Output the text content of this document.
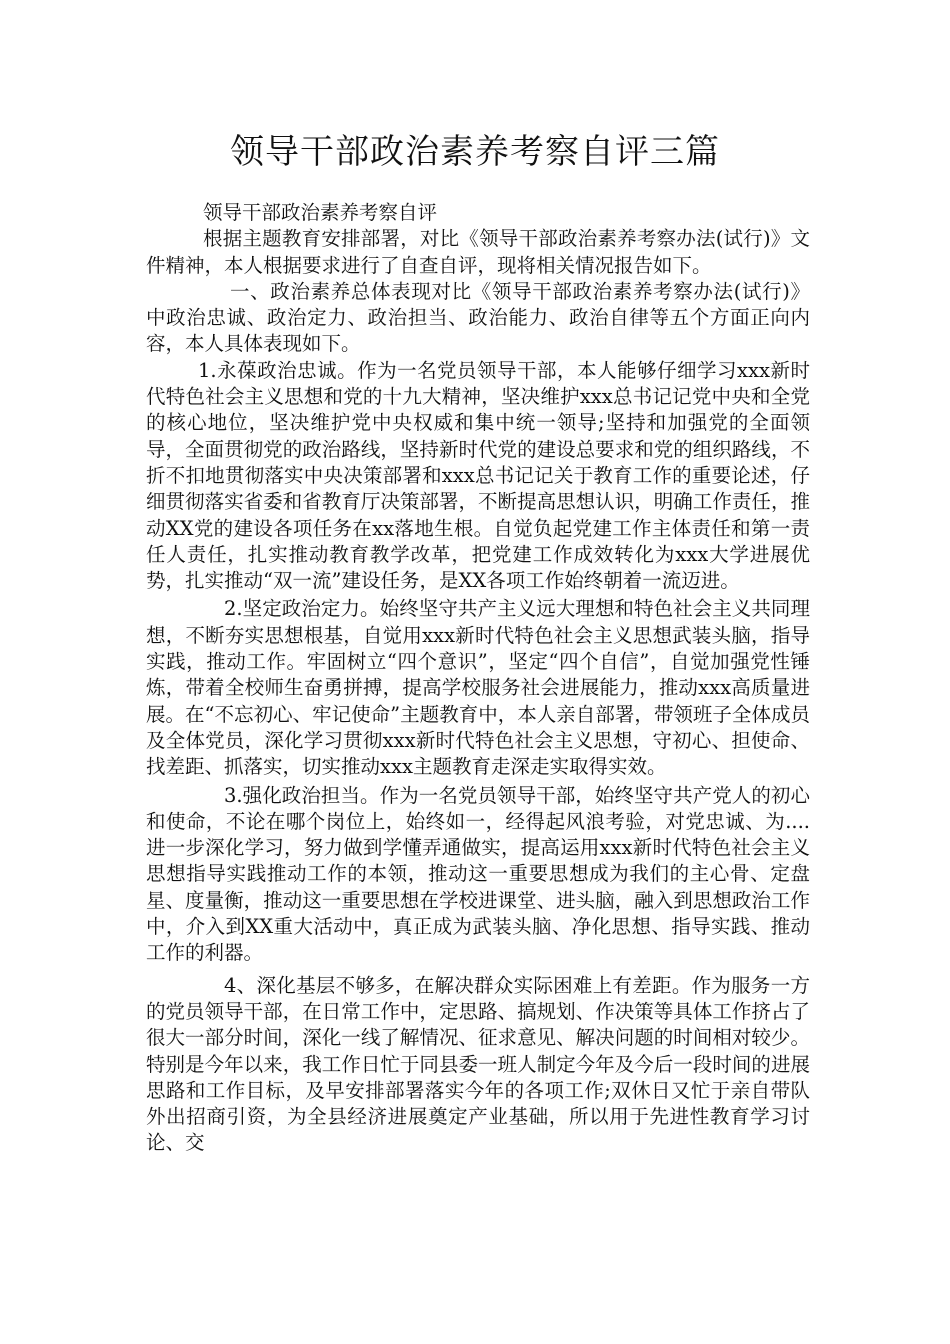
领导干部政治素养考察自评三篇

领导干部政治素养考察自评

根据主题教育安排部署，对比《领导干部政治素养考察办法(试行)》文件精神，本人根据要求进行了自查自评，现将相关情况报告如下。

一、政治素养总体表现对比《领导干部政治素养考察办法(试行)》中政治忠诚、政治定力、政治担当、政治能力、政治自律等五个方面正向内容，本人具体表现如下。

1.永葆政治忠诚。作为一名党员领导干部，本人能够仔细学习xxx新时代特色社会主义思想和党的十九大精神，坚决维护xxx总书记记党中央和全党的核心地位，坚决维护党中央权威和集中统一领导;坚持和加强党的全面领导，全面贯彻党的政治路线，坚持新时代党的建设总要求和党的组织路线，不折不扣地贯彻落实中央决策部署和xxx总书记记关于教育工作的重要论述，仔细贯彻落实省委和省教育厅决策部署，不断提高思想认识，明确工作责任，推动XX党的建设各项任务在xx落地生根。自觉负起党建工作主体责任和第一责任人责任，扎实推动教育教学改革，把党建工作成效转化为xxx大学进展优势，扎实推动“双一流”建设任务，是XX各项工作始终朝着一流迈进。

2.坚定政治定力。始终坚守共产主义远大理想和特色社会主义共同理想，不断夯实思想根基，自觉用xxx新时代特色社会主义思想武装头脑，指导实践，推动工作。牢固树立“四个意识”，坚定“四个自信”，自觉加强党性锤炼，带着全校师生奋勇拼搏，提高学校服务社会进展能力，推动xxx高质量进展。在“不忘初心、牢记使命”主题教育中，本人亲自部署，带领班子全体成员及全体党员，深化学习贯彻xxx新时代特色社会主义思想，守初心、担使命、找差距、抓落实，切实推动xxx主题教育走深走实取得实效。

3.强化政治担当。作为一名党员领导干部，始终坚守共产党人的初心和使命，不论在哪个岗位上，始终如一，经得起风浪考验，对党忠诚、为....进一步深化学习，努力做到学懂弄通做实，提高运用xxx新时代特色社会主义思想指导实践推动工作的本领，推动这一重要思想成为我们的主心骨、定盘星、度量衡，推动这一重要思想在学校进课堂、进头脑，融入到思想政治工作中，介入到XX重大活动中，真正成为武装头脑、净化思想、指导实践、推动工作的利器。

4、深化基层不够多，在解决群众实际困难上有差距。作为服务一方的党员领导干部，在日常工作中，定思路、搞规划、作决策等具体工作挤占了很大一部分时间，深化一线了解情况、征求意见、解决问题的时间相对较少。特别是今年以来，我工作日忙于同县委一班人制定今年及今后一段时间的进展思路和工作目标，及早安排部署落实今年的各项工作;双休日又忙于亲自带队外出招商引资，为全县经济进展奠定产业基础，所以用于先进性教育学习讨论、交
